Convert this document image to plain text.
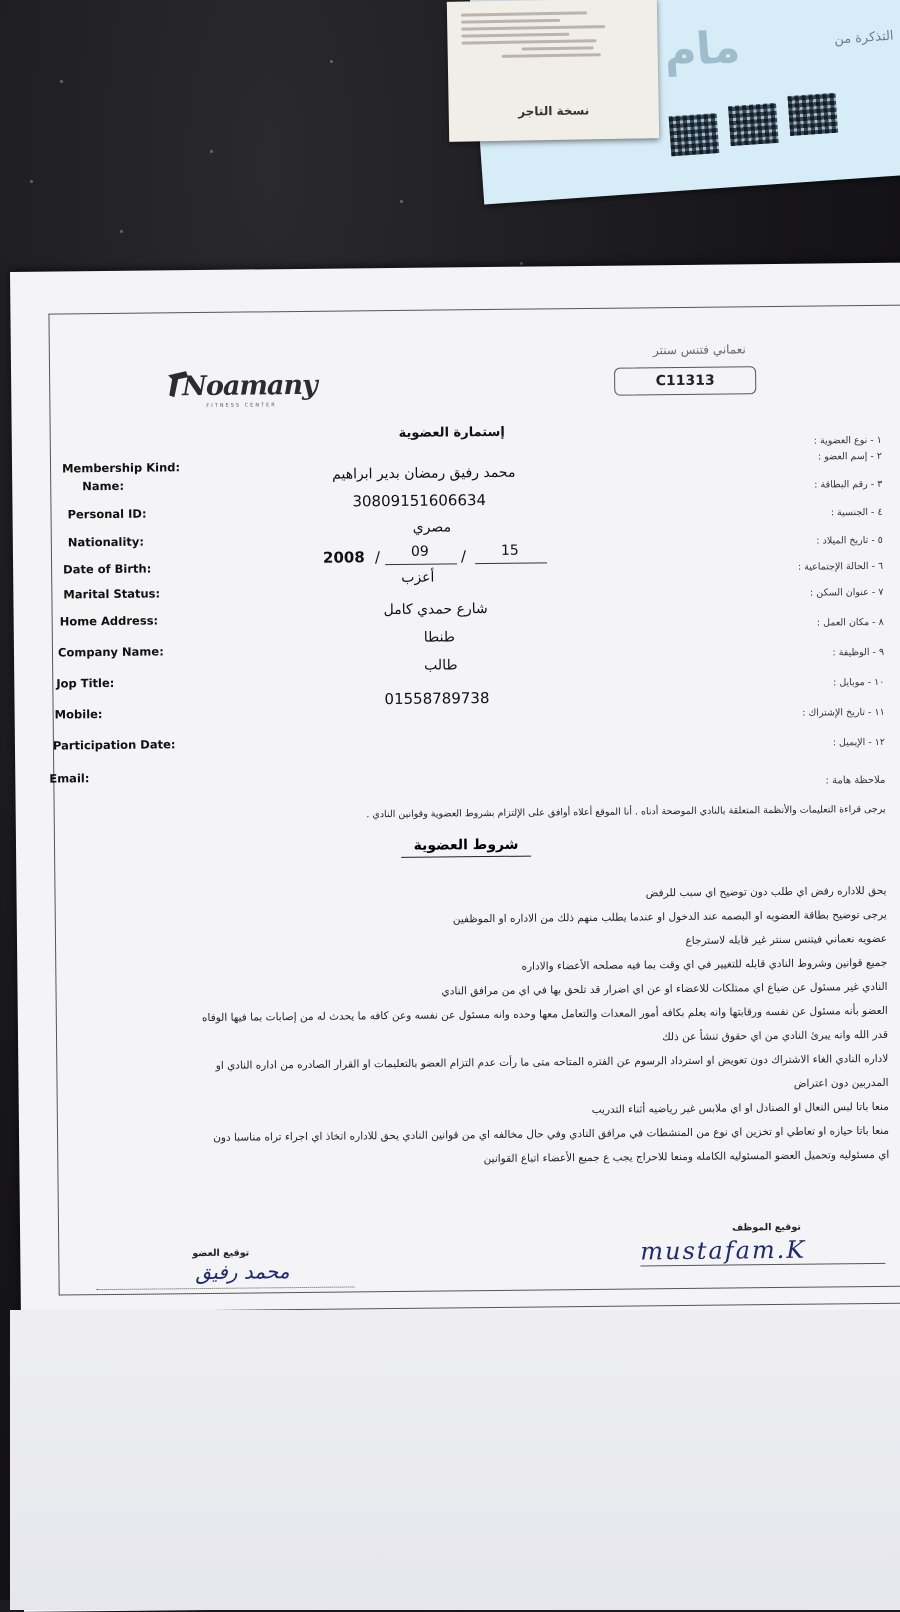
مام	التذكرة من
نسخة التاجر
Noamany
FITNESS CENTER
نعماني فتنس سنتر
C11313
إستمارة العضوية
Membership Kind:
Name:
Personal ID:
Nationality:
Date of Birth:
Marital Status:
Home Address:
Company Name:
Jop Title:
Mobile:
Participation Date:
Email:
١ - نوع العضوية :
٢ - إسم العضو :
٣ - رقم البطاقة :
٤ - الجنسية :
٥ - تاريخ الميلاد :
٦ - الحالة الإجتماعية :
٧ - عنوان السكن :
٨ - مكان العمل :
٩ - الوظيفة :
١٠ - موبايل :
١١ - تاريخ الإشتراك :
١٢ - الإيميل :
محمد رفيق رمضان بدير ابراهيم
30809151606634
مصري
2008 / 09 / 15
أعزب
شارع حمدي كامل
طنطا
طالب
01558789738
ملاحظة هامة :
يرجى قراءة التعليمات والأنظمة المتعلقة بالنادي الموضحة أدناه . أنا الموقع أعلاه أوافق على الإلتزام بشروط العضوية وقوانين النادي .
شروط العضوية
يحق للاداره رفض اي طلب دون توضيح اي سبب للرفض
يرجى توضيح بطاقة العضويه او البصمه عند الدخول او عندما يطلب منهم ذلك من الاداره او الموظفين
عضويه نعماني فيتنس سنتر غير قابله لاسترجاع
جميع قوانين وشروط النادي قابله للتغيير في اي وقت بما فيه مصلحه الأعضاء والاداره
النادي غير مسئول عن ضياع اي ممتلكات للاعضاء او عن اي اضرار قد تلحق بها في اي من مرافق النادي
العضو بأنه مسئول عن نفسه ورقابتها وانه يعلم بكافه أمور المعدات والتعامل معها وحده وانه مسئول عن نفسه وعن كافه ما يحدث له من إصابات بما فيها الوفاه
قدر الله وانه يبرئ النادي من اي حقوق تنشأ عن ذلك
لاداره النادي الغاء الاشتراك دون تعويض او استرداد الرسوم عن الفتره المتاحه متى ما رأت عدم التزام العضو بالتعليمات او القرار الصادره من اداره النادي او
المدربين دون اعتراض
منعا باتا لبس النعال او الصنادل او اي ملابس غير رياضيه أثناء التدريب
منعا باتا حيازه او تعاطي او تخزين اي نوع من المنشطات في مرافق النادي وفي حال مخالفه اي من قوانين النادي يحق للاداره اتخاذ اي اجراء تراه مناسبا دون
اي مسئوليه وتحميل العضو المسئوليه الكامله ومنعا للاحراج يجب ع جميع الأعضاء اتباع القوانين
توقيع العضو
محمد رفيق
توقيع الموظف
mustafam.K
